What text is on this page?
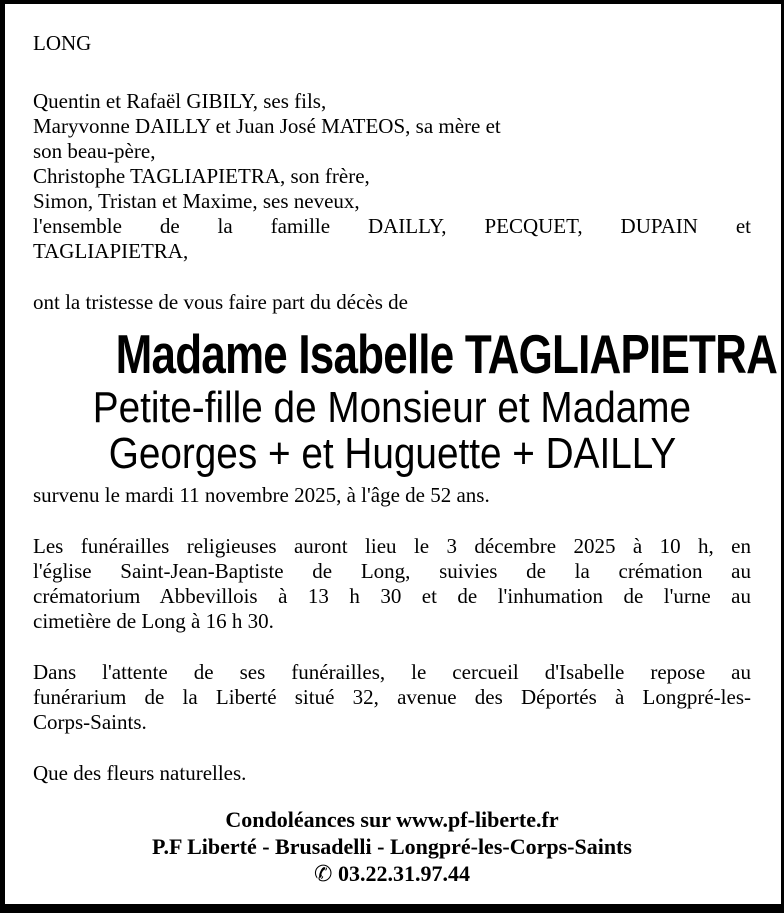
LONG
Quentin et Rafaël GIBILY, ses fils,
Maryvonne DAILLY et Juan José MATEOS, sa mère et
son beau-père,
Christophe TAGLIAPIETRA, son frère,
Simon, Tristan et Maxime, ses neveux,
l'ensemble de la famille DAILLY, PECQUET, DUPAIN et
TAGLIAPIETRA,
ont la tristesse de vous faire part du décès de
Madame Isabelle TAGLIAPIETRA
Petite-fille de Monsieur et Madame
Georges + et Huguette + DAILLY
survenu le mardi 11 novembre 2025, à l'âge de 52 ans.
Les funérailles religieuses auront lieu le 3 décembre 2025 à 10 h, en
l'église Saint-Jean-Baptiste de Long, suivies de la crémation au
crématorium Abbevillois à 13 h 30 et de l'inhumation de l'urne au
cimetière de Long à 16 h 30.
Dans l'attente de ses funérailles, le cercueil d'Isabelle repose au
funérarium de la Liberté situé 32, avenue des Déportés à Longpré-les-
Corps-Saints.
Que des fleurs naturelles.
Condoléances sur www.pf-liberte.fr
P.F Liberté - Brusadelli - Longpré-les-Corps-Saints
✆ 03.22.31.97.44
